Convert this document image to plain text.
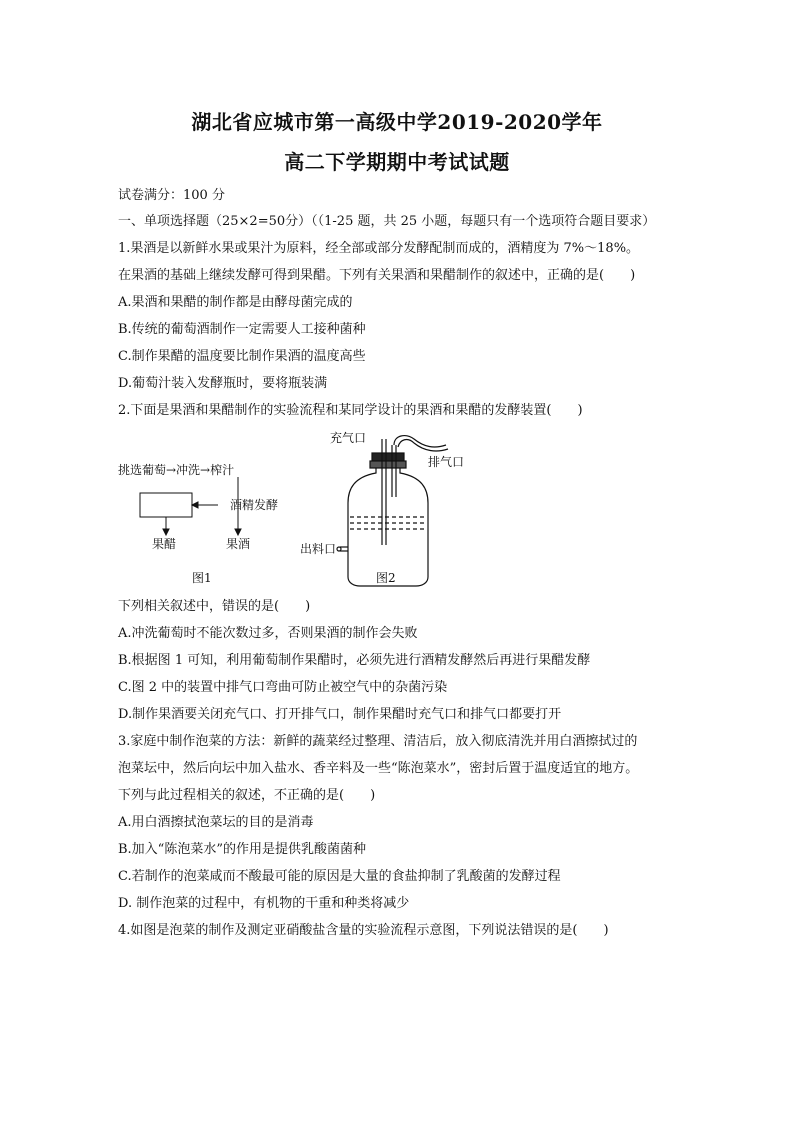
湖北省应城市第一高级中学2019-2020学年
高二下学期期中考试试题
试卷满分：100 分
一、单项选择题（25×2=50分）（（1-25 题，共 25 小题，每题只有一个选项符合题目要求）
1.果酒是以新鲜水果或果汁为原料，经全部或部分发酵配制而成的，酒精度为 7%～18%。
在果酒的基础上继续发酵可得到果醋。下列有关果酒和果醋制作的叙述中，正确的是(　　)
A.果酒和果醋的制作都是由酵母菌完成的
B.传统的葡萄酒制作一定需要人工接种菌种
C.制作果醋的温度要比制作果酒的温度高些
D.葡萄汁装入发酵瓶时，要将瓶装满
2.下面是果酒和果醋制作的实验流程和某同学设计的果酒和果醋的发酵装置(　　)
挑选葡萄→冲洗→榨汁
酒精发酵
果醋	果酒
图1
充气口
排气口
出料口
图2
下列相关叙述中，错误的是(　　)
A.冲洗葡萄时不能次数过多，否则果酒的制作会失败
B.根据图 1 可知，利用葡萄制作果醋时，必须先进行酒精发酵然后再进行果醋发酵
C.图 2 中的装置中排气口弯曲可防止被空气中的杂菌污染
D.制作果酒要关闭充气口、打开排气口，制作果醋时充气口和排气口都要打开
3.家庭中制作泡菜的方法：新鲜的蔬菜经过整理、清洁后，放入彻底清洗并用白酒擦拭过的
泡菜坛中，然后向坛中加入盐水、香辛料及一些“陈泡菜水”，密封后置于温度适宜的地方。
下列与此过程相关的叙述，不正确的是(　　)
A.用白酒擦拭泡菜坛的目的是消毒
B.加入“陈泡菜水”的作用是提供乳酸菌菌种
C.若制作的泡菜咸而不酸最可能的原因是大量的食盐抑制了乳酸菌的发酵过程
D. 制作泡菜的过程中，有机物的干重和种类将减少
4.如图是泡菜的制作及测定亚硝酸盐含量的实验流程示意图，下列说法错误的是(　　)
